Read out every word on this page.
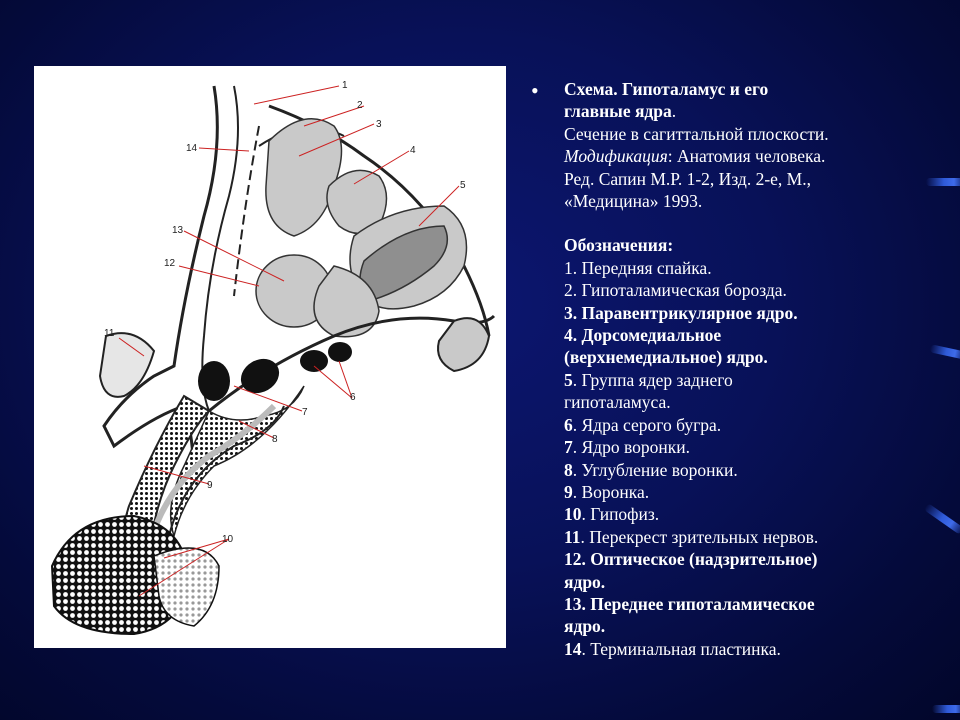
1
2
3
4
5
6
7
8
9
10
11
12
13
14
• Схема. Гипоталамус и его
главные ядра.
Сечение в сагиттальной плоскости.
Модификация: Анатомия человека.
Ред. Сапин М.Р. 1-2, Изд. 2-е, М.,
«Медицина» 1993.
Обозначения:
1. Передняя спайка.
2. Гипоталамическая борозда.
3. Паравентрикулярное ядро.
4. Дорсомедиальное
(верхнемедиальное) ядро.
5. Группа ядер заднего
гипоталамуса.
6. Ядра серого бугра.
7. Ядро воронки.
8. Углубление воронки.
9. Воронка.
10. Гипофиз.
11. Перекрест зрительных нервов.
12. Оптическое (надзрительное)
ядро.
13. Переднее гипоталамическое
ядро.
14. Терминальная пластинка.
